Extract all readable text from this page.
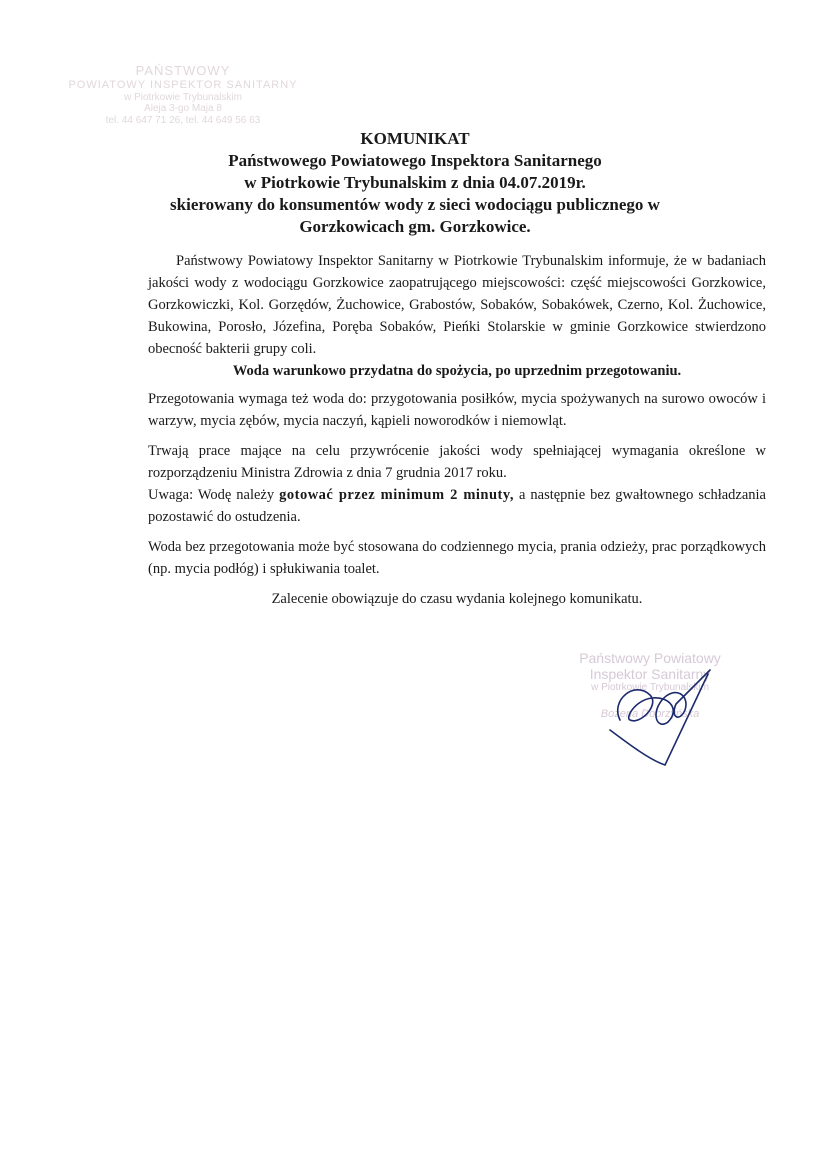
PAŃSTWOWY
POWIATOWY INSPEKTOR SANITARNY
w Piotrkowie Trybunalskim
Aleja 3-go Maja 8
tel. 44 647 71 26, tel. 44 649 56 63
KOMUNIKAT
Państwowego Powiatowego Inspektora Sanitarnego
w Piotrkowie Trybunalskim z dnia 04.07.2019r.
skierowany do konsumentów wody z sieci wodociągu publicznego w
Gorzkowicach gm. Gorzkowice.
Państwowy Powiatowy Inspektor Sanitarny w Piotrkowie Trybunalskim informuje, że w badaniach jakości wody z wodociągu Gorzkowice zaopatrującego miejscowości: część miejscowości Gorzkowice, Gorzkowiczki, Kol. Gorzędów, Żuchowice, Grabostów, Sobaków, Sobakówek, Czerno, Kol. Żuchowice, Bukowina, Porosło, Józefina, Poręba Sobaków, Pieńki Stolarskie w gminie Gorzkowice stwierdzono obecność bakterii grupy coli.
Woda warunkowo przydatna do spożycia, po uprzednim przegotowaniu.
Przegotowania wymaga też woda do: przygotowania posiłków, mycia spożywanych na surowo owoców i warzyw, mycia zębów, mycia naczyń, kąpieli noworodków i niemowląt.
Trwają prace mające na celu przywrócenie jakości wody spełniającej wymagania określone w rozporządzeniu Ministra Zdrowia z dnia 7 grudnia 2017 roku.
Uwaga: Wodę należy gotować przez minimum 2 minuty, a następnie bez gwałtownego schładzania pozostawić do ostudzenia.
Woda bez przegotowania może być stosowana do codziennego mycia, prania odzieży, prac porządkowych (np. mycia podłóg) i spłukiwania toalet.
Zalecenie obowiązuje do czasu wydania kolejnego komunikatu.
Państwowy Powiatowy
Inspektor Sanitarny
w Piotrkowie Trybunalskim
Bożena Dobrzyńska
